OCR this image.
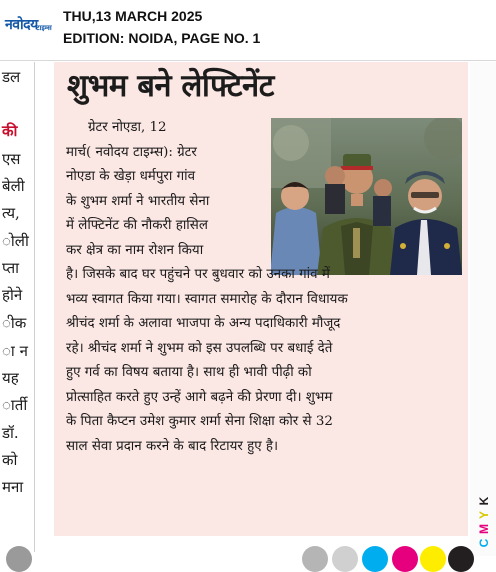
नवोदय
टाइम्स
THU,13 MARCH 2025
EDITION: NOIDA, PAGE NO. 1
डल
की
एस
बेली
त्य,
ोली
प्ता
होने
ीक
ा न
यह
ार्ती
डॉ.
को
मना
शुभम बने लेफ्टिनेंट
ग्रेटर नोएडा, 12
मार्च( नवोदय टाइम्स): ग्रेटर
नोएडा के खेड़ा धर्मपुरा गांव
के शुभम शर्मा ने भारतीय सेना
में लेफ्टिनेंट की नौकरी हासिल
कर क्षेत्र का नाम रोशन किया
है। जिसके बाद घर पहुंचने पर बुधवार को उनका गांव में
भव्य स्वागत किया गया। स्वागत समारोह के दौरान विधायक
श्रीचंद शर्मा के अलावा भाजपा के अन्य पदाधिकारी मौजूद
रहे। श्रीचंद शर्मा ने शुभम को इस उपलब्धि पर बधाई देते
हुए गर्व का विषय बताया है। साथ ही भावी पीढ़ी को
प्रोत्साहित करते हुए उन्हें आगे बढ़ने की प्रेरणा दी। शुभम
के पिता कैप्टन उमेश कुमार शर्मा सेना शिक्षा कोर से 32
साल सेवा प्रदान करने के बाद रिटायर हुए है।
C
M
Y
K
